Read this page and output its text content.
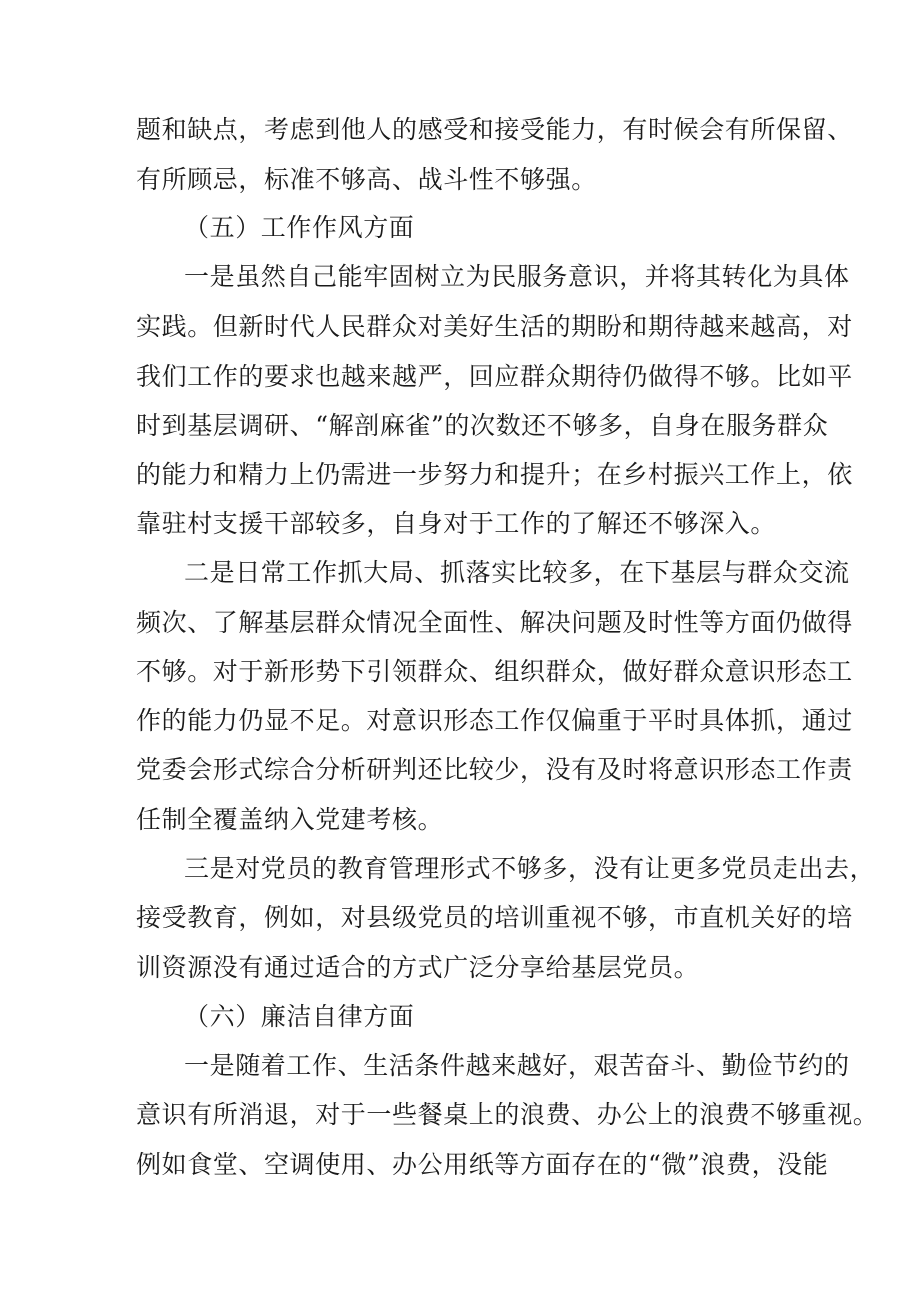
题和缺点，考虑到他人的感受和接受能力，有时候会有所保留、
有所顾忌，标准不够高、战斗性不够强。
（五）工作作风方面
一是虽然自己能牢固树立为民服务意识，并将其转化为具体
实践。但新时代人民群众对美好生活的期盼和期待越来越高，对
我们工作的要求也越来越严，回应群众期待仍做得不够。比如平
时到基层调研、“解剖麻雀”的次数还不够多，自身在服务群众
的能力和精力上仍需进一步努力和提升；在乡村振兴工作上，依
靠驻村支援干部较多，自身对于工作的了解还不够深入。
二是日常工作抓大局、抓落实比较多，在下基层与群众交流
频次、了解基层群众情况全面性、解决问题及时性等方面仍做得
不够。对于新形势下引领群众、组织群众，做好群众意识形态工
作的能力仍显不足。对意识形态工作仅偏重于平时具体抓，通过
党委会形式综合分析研判还比较少，没有及时将意识形态工作责
任制全覆盖纳入党建考核。
三是对党员的教育管理形式不够多，没有让更多党员走出去，
接受教育，例如，对县级党员的培训重视不够，市直机关好的培
训资源没有通过适合的方式广泛分享给基层党员。
（六）廉洁自律方面
一是随着工作、生活条件越来越好，艰苦奋斗、勤俭节约的
意识有所消退，对于一些餐桌上的浪费、办公上的浪费不够重视。
例如食堂、空调使用、办公用纸等方面存在的“微”浪费，没能
